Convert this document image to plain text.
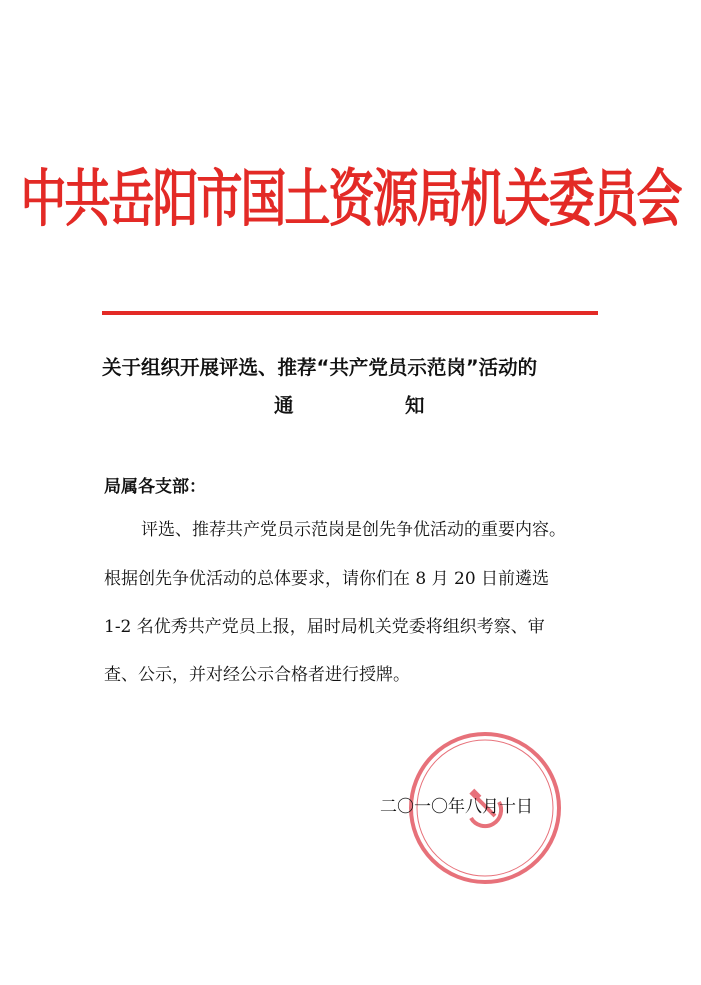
中共岳阳市国土资源局机关委员会
关于组织开展评选、推荐“共产党员示范岗”活动的
通	知
局属各支部：
评选、推荐共产党员示范岗是创先争优活动的重要内容。
根据创先争优活动的总体要求，请你们在 8 月 20 日前遴选
1-2 名优秀共产党员上报，届时局机关党委将组织考察、审
查、公示，并对经公示合格者进行授牌。
二〇一〇年八月十日
